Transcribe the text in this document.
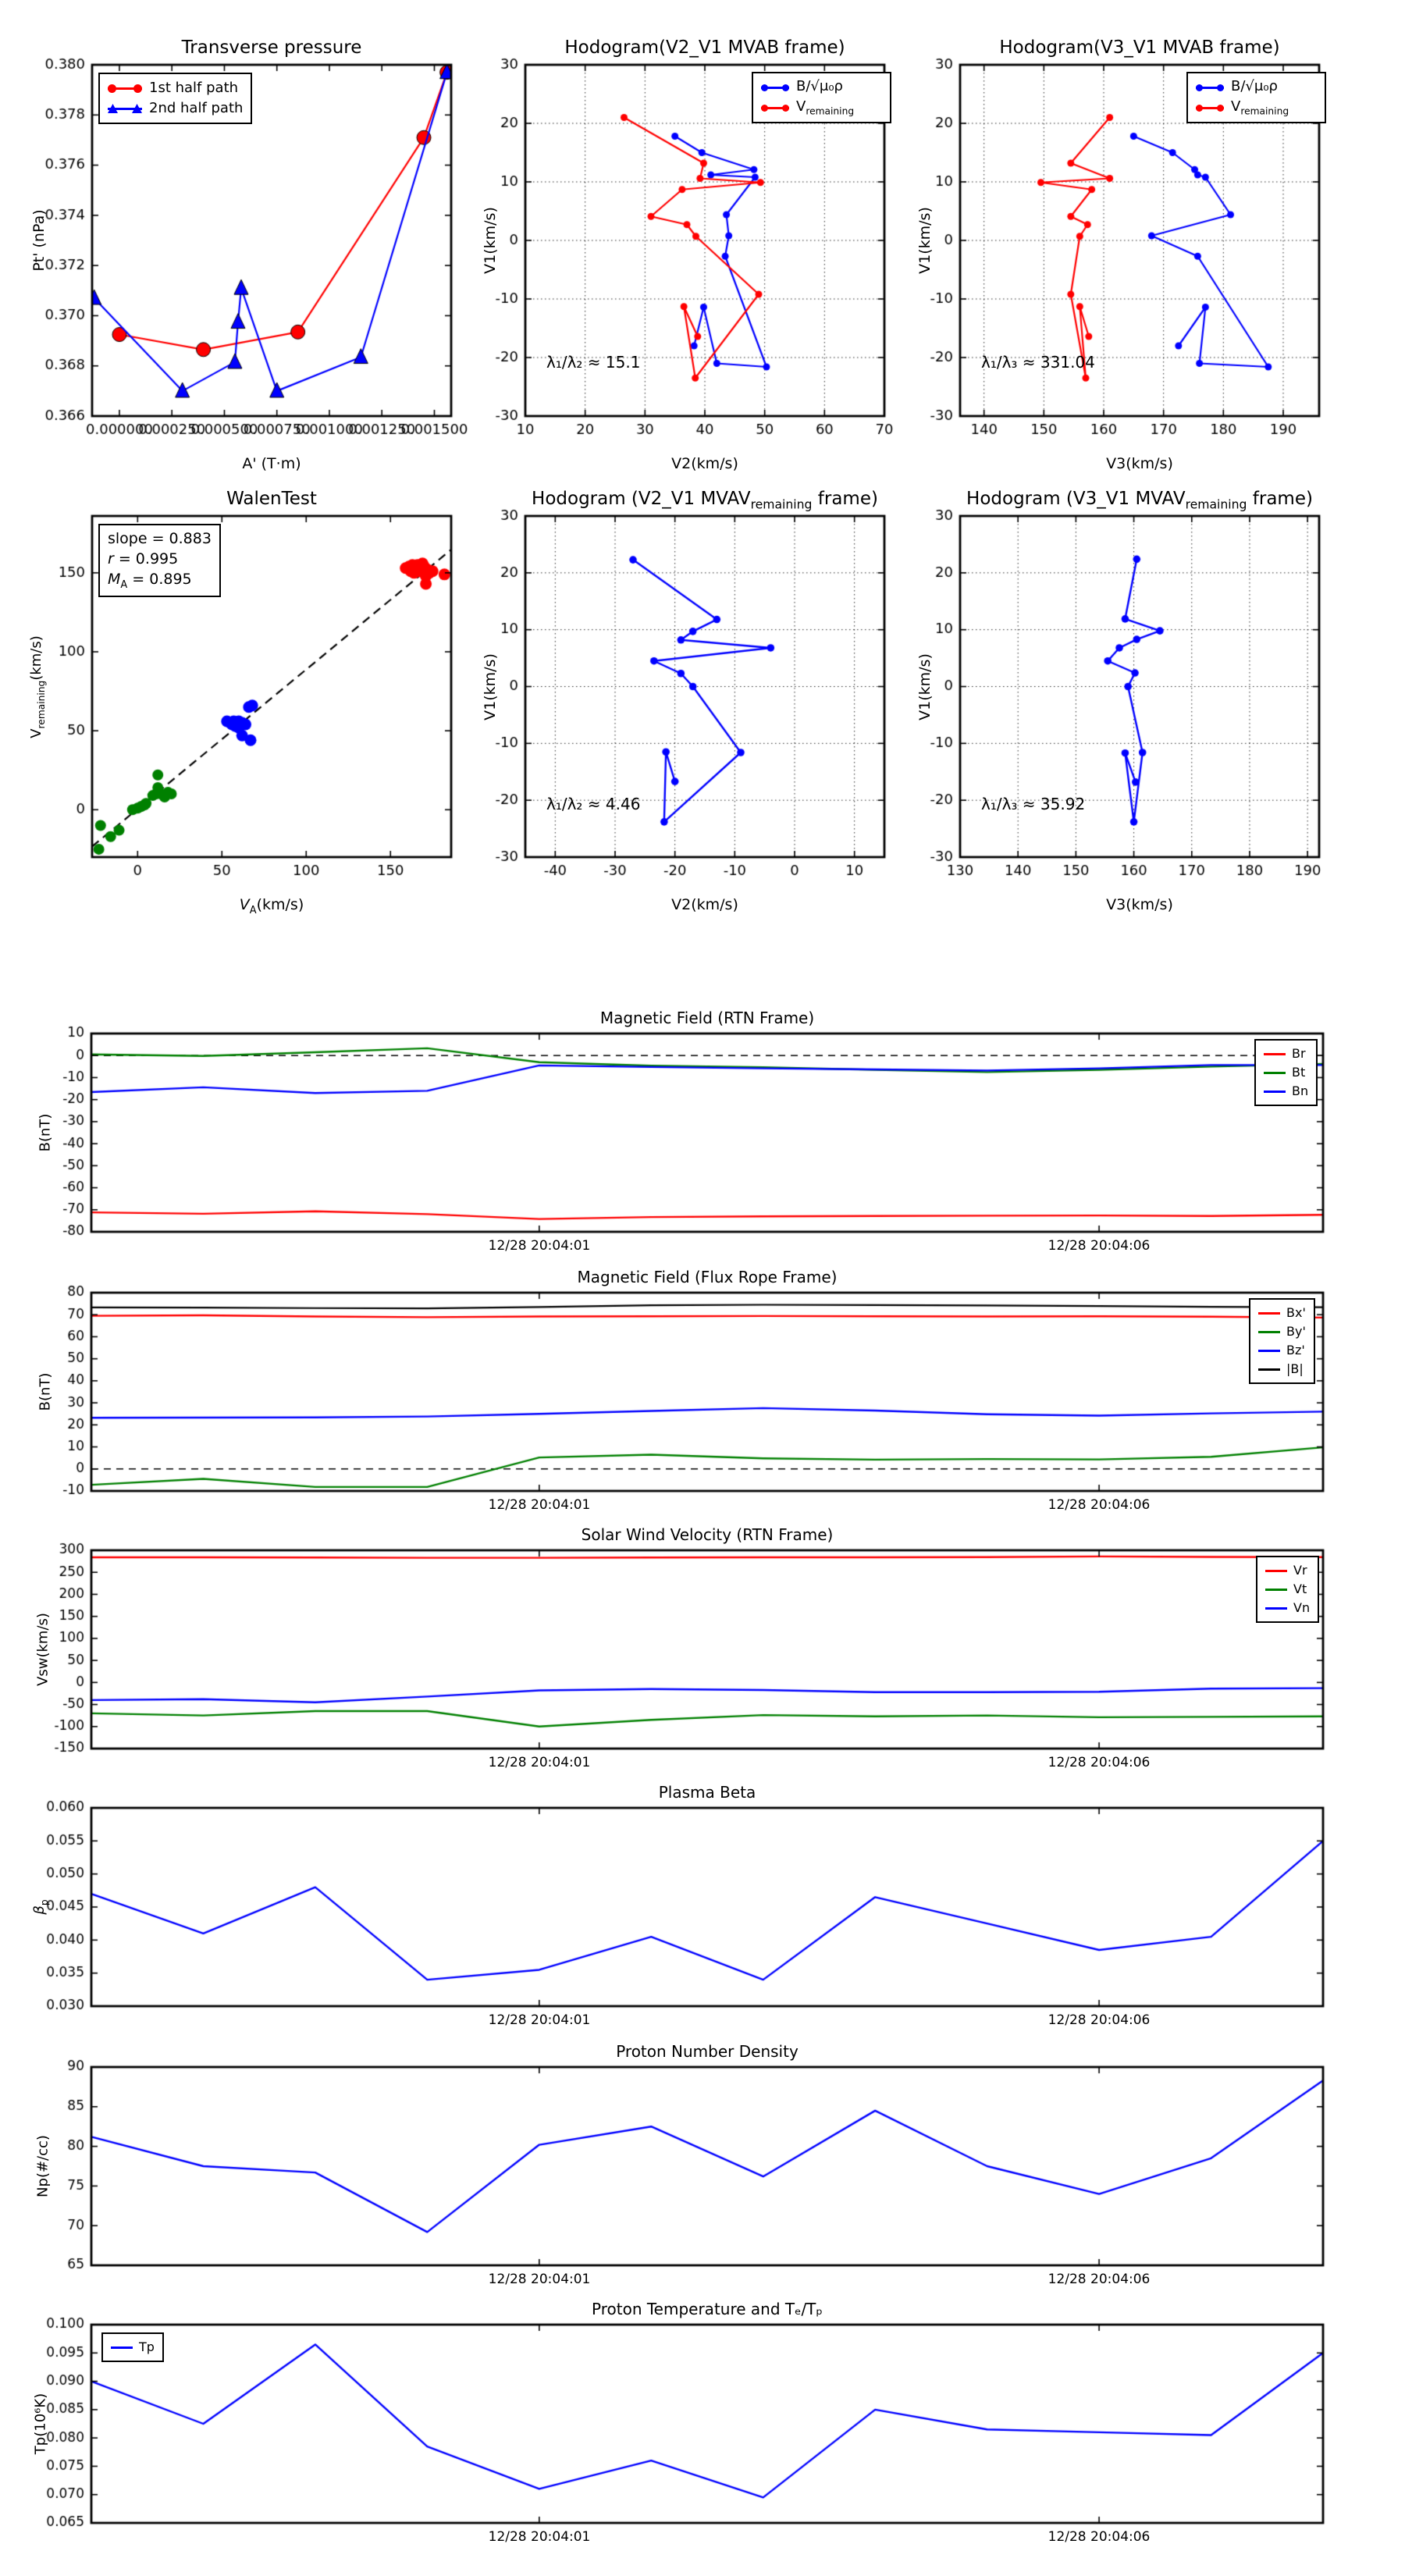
Transverse pressure	Hodogram(V2_V1 MVAB frame)	Hodogram(V3_V1 MVAB frame)
WalenTest	Hodogram (V2_V1 $MVAV_{remaining}$ frame)	Hodogram (V3_V1 $MVAV_{remaining}$ frame)
Magnetic Field (RTN Frame)
Magnetic Field (Flux Rope Frame)
Solar Wind Velocity (RTN Frame)
Plasma Beta
Proton Number Density
Proton Temperature and Tₑ/Tₚ
Pt' (nPa)	V1(km/s)	V1(km/s)
$V_{remaining}(km/s)$	V1(km/s)	V1(km/s)
B(nT)
B(nT)
Vsw(km/s)
$\beta_p$
Np(#/cc)
Tp(10⁶K)
A' (T·m)	V2(km/s)	V3(km/s)
$V_A(km/s)$	V2(km/s)	V3(km/s)
12/28 20:04:01	12/28 20:04:06
12/28 20:04:01	12/28 20:04:06
12/28 20:04:01	12/28 20:04:06
12/28 20:04:01	12/28 20:04:06
12/28 20:04:01	12/28 20:04:06
12/28 20:04:01	12/28 20:04:06
λ₁/λ₂ ≈ 15.1	λ₁/λ₃ ≈ 331.04
λ₁/λ₂ ≈ 4.46	λ₁/λ₃ ≈ 35.92
slope = 0.883
r = 0.995
$M_A = 0.895$
1st half path
2nd half path
B/√μ₀ρ
$V_{remaining}$
B/√μ₀ρ
$V_{remaining}$
Br
Bt
Bn
Bx'
By'
Bz'
|B|
Vr
Vt
Vn
Tp
